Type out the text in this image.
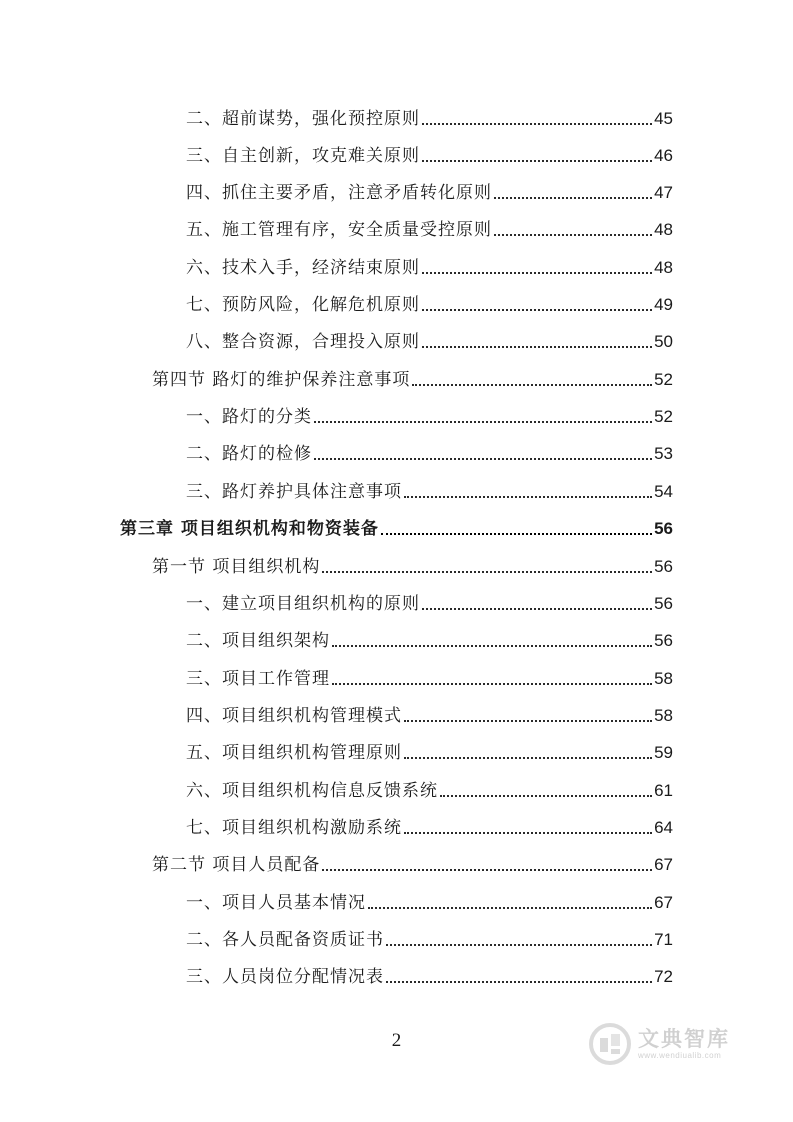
二、超前谋势，强化预控原则	45
三、自主创新，攻克难关原则	46
四、抓住主要矛盾，注意矛盾转化原则	47
五、施工管理有序，安全质量受控原则	48
六、技术入手，经济结束原则	48
七、预防风险，化解危机原则	49
八、整合资源，合理投入原则	50
第四节 路灯的维护保养注意事项	52
一、路灯的分类	52
二、路灯的检修	53
三、路灯养护具体注意事项	54
第三章 项目组织机构和物资装备	56
第一节 项目组织机构	56
一、建立项目组织机构的原则	56
二、项目组织架构	56
三、项目工作管理	58
四、项目组织机构管理模式	58
五、项目组织机构管理原则	59
六、项目组织机构信息反馈系统	61
七、项目组织机构激励系统	64
第二节 项目人员配备	67
一、项目人员基本情况	67
二、各人员配备资质证书	71
三、人员岗位分配情况表	72
2	文典智库
www.wendiualib.com
